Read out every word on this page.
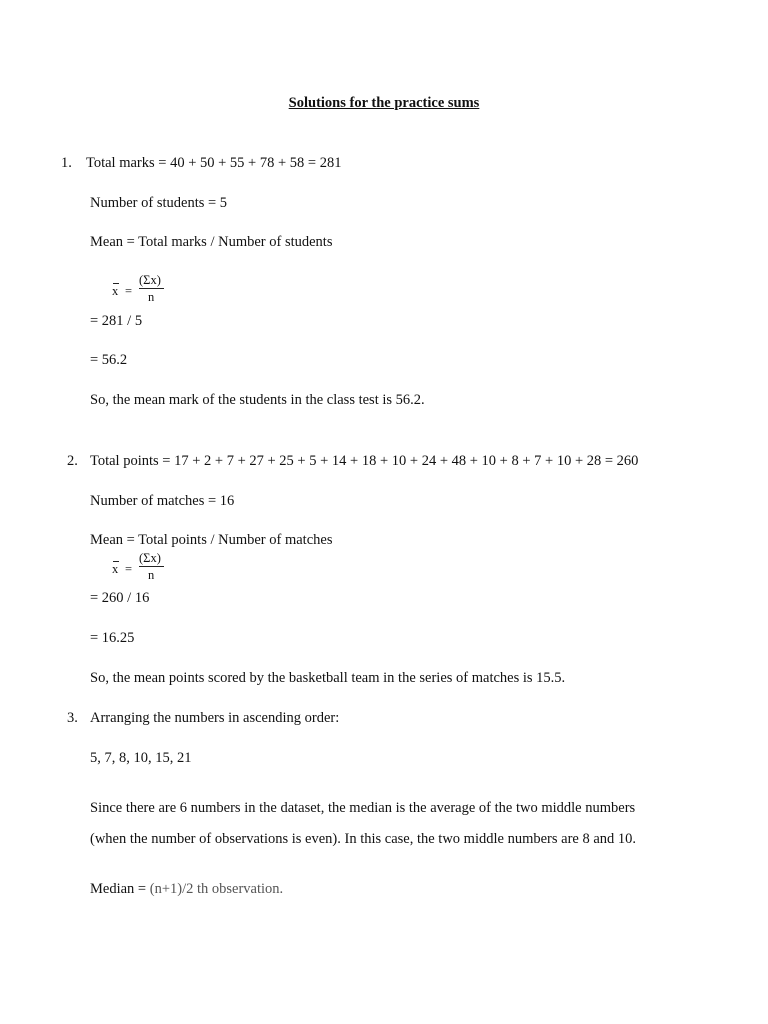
Solutions for the practice sums
1. Total marks = 40 + 50 + 55 + 78 + 58 = 281
Number of students = 5
Mean = Total marks / Number of students
x =
(Σx)
n
= 281 / 5
= 56.2
So, the mean mark of the students in the class test is 56.2.
2. Total points = 17 + 2 + 7 + 27 + 25 + 5 + 14 + 18 + 10 + 24 + 48 + 10 + 8 + 7 + 10 + 28 = 260
Number of matches = 16
Mean = Total points / Number of matches
x =
(Σx)
n
= 260 / 16
= 16.25
So, the mean points scored by the basketball team in the series of matches is 15.5.
3. Arranging the numbers in ascending order:
5, 7, 8, 10, 15, 21
Since there are 6 numbers in the dataset, the median is the average of the two middle numbers
(when the number of observations is even). In this case, the two middle numbers are 8 and 10.
Median = (n+1)/2 th observation.
